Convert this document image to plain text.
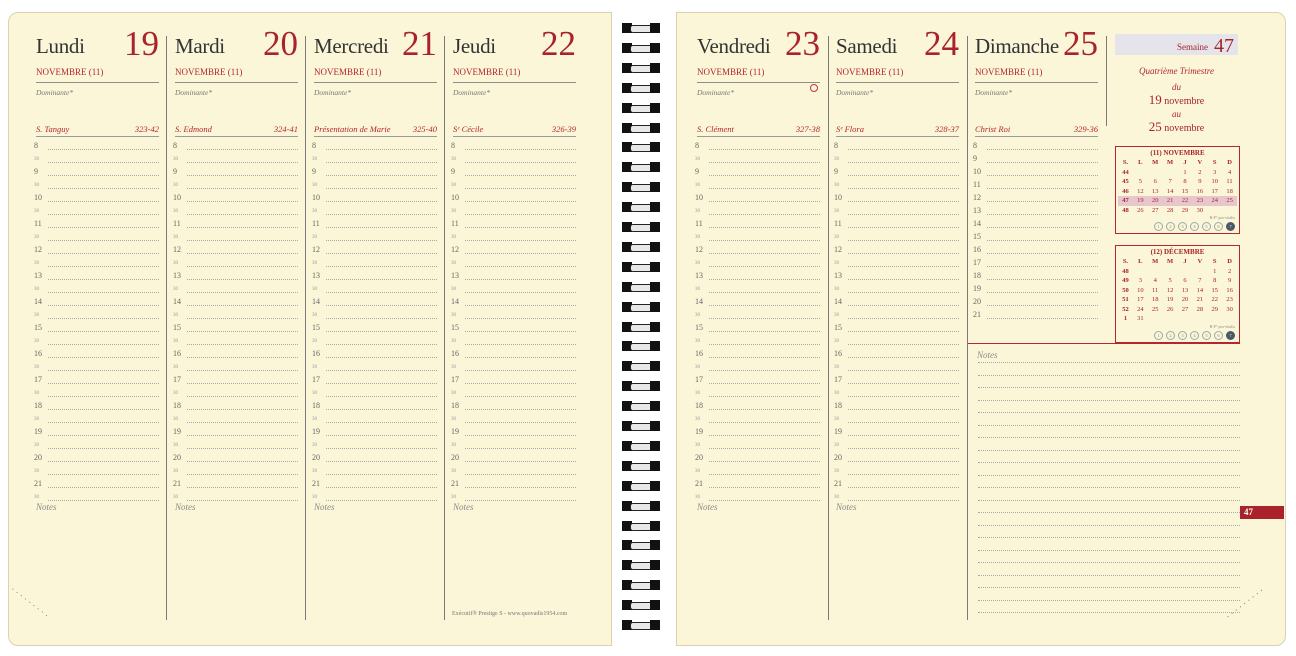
Lundi 19
NOVEMBRE (11)
Dominante*
S. Tanguy	323-42
8
30
9
30
10
30
11
30
12
30
13
30
14
30
15
30
16
30
17
30
18
30
19
30
20
30
21
30
Notes
Mardi 20
NOVEMBRE (11)
Dominante*
S. Edmond	324-41
8
30
9
30
10
30
11
30
12
30
13
30
14
30
15
30
16
30
17
30
18
30
19
30
20
30
21
30
Notes
Mercredi 21
NOVEMBRE (11)
Dominante*
Présentation de Marie	325-40
8
30
9
30
10
30
11
30
12
30
13
30
14
30
15
30
16
30
17
30
18
30
19
30
20
30
21
30
Notes
Jeudi 22
NOVEMBRE (11)
Dominante*
Sᵉ Cécile	326-39
8
30
9
30
10
30
11
30
12
30
13
30
14
30
15
30
16
30
17
30
18
30
19
30
20
30
21
30
Notes
Vendredi 23
NOVEMBRE (11)
Dominante*
S. Clément	327-38
8
30
9
30
10
30
11
30
12
30
13
30
14
30
15
30
16
30
17
30
18
30
19
30
20
30
21
30
Notes
Samedi 24
NOVEMBRE (11)
Dominante*
Sᵉ Flora	328-37
8
30
9
30
10
30
11
30
12
30
13
30
14
30
15
30
16
30
17
30
18
30
19
30
20
30
21
30
Notes
Dimanche 25
NOVEMBRE (11)
Dominante*
Christ Roi	329-36
8
9
10
11
12
13
14
15
16
17
18
19
20
21
Semaine 47
Quatrième Trimestre
du
19 novembre
au
25 novembre
(11) NOVEMBRE
S.	L	M	M	J	V	S	D
44				1	2	3	4
45	5	6	7	8	9	10	11
46	12	13	14	15	16	17	18
47	19	20	21	22	23	24	25
48	26	27	28	29	30		
R-F° pro-vitalis
1	2	3	4	5	6	7
(12) DÉCEMBRE
S.	L	M	M	J	V	S	D
48						1	2
49	3	4	5	6	7	8	9
50	10	11	12	13	14	15	16
51	17	18	19	20	21	22	23
52	24	25	26	27	28	29	30
1	31						
R-F° pro-vitalis
1	2	3	4	5	6	7
Notes
47
Exécutif® Prestige S - www.quovadis1954.com
·········	·········
